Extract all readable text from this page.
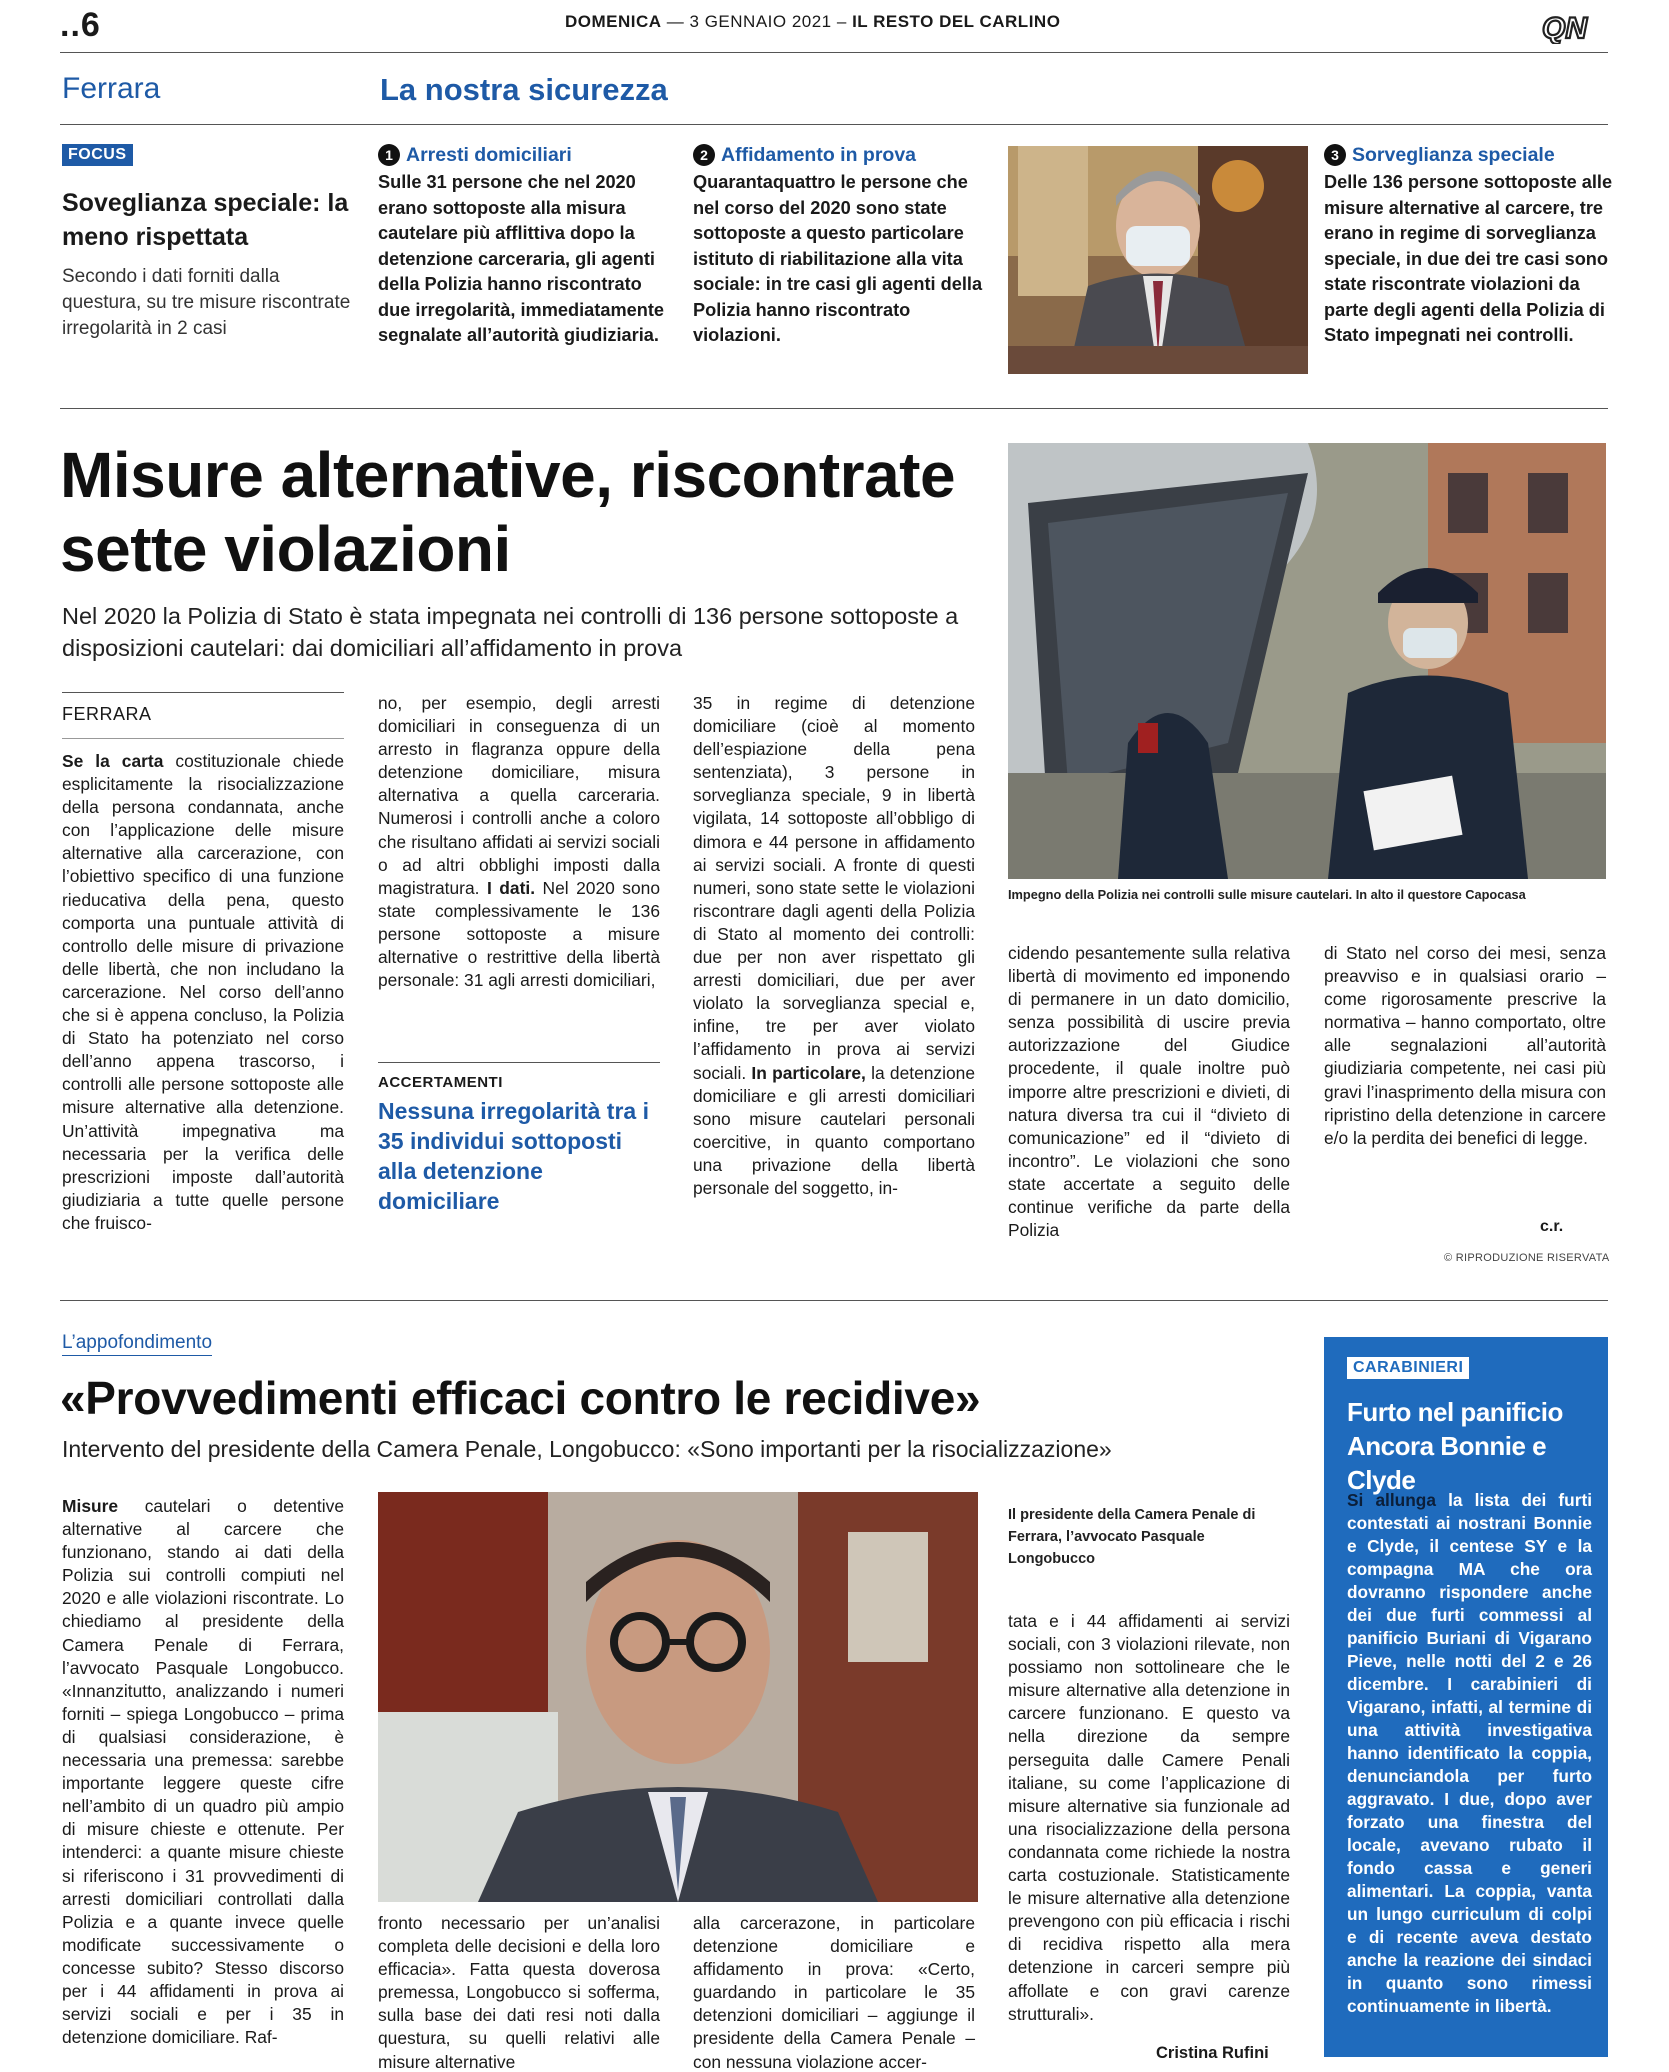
..6	DOMENICA — 3 GENNAIO 2021 – IL RESTO DEL CARLINO	QN
Ferrara	La nostra sicurezza
FOCUS
Soveglianza speciale: la meno rispettata
Secondo i dati forniti dalla questura, su tre misure riscontrate irregolarità in 2 casi
1 Arresti domiciliari
Sulle 31 persone che nel 2020 erano sottoposte alla misura cautelare più afflittiva dopo la detenzione carceraria, gli agenti della Polizia hanno riscontrato due irregolarità, immediatamente segnalate all’autorità giudiziaria.
2 Affidamento in prova
Quarantaquattro le persone che nel corso del 2020 sono state sottoposte a questo particolare istituto di riabilitazione alla vita sociale: in tre casi gli agenti della Polizia hanno riscontrato violazioni.
3 Sorveglianza speciale
Delle 136 persone sottoposte alle misure alternative al carcere, tre erano in regime di sorveglianza speciale, in due dei tre casi sono state riscontrate violazioni da parte degli agenti della Polizia di Stato impegnati nei controlli.
Misure alternative, riscontrate sette violazioni
Nel 2020 la Polizia di Stato è stata impegnata nei controlli di 136 persone sottoposte a disposizioni cautelari: dai domiciliari all’affidamento in prova
Impegno della Polizia nei controlli sulle misure cautelari. In alto il questore Capocasa
FERRARA
Se la carta costituzionale chiede esplicitamente la risocializzazione della persona condannata, anche con l’applicazione delle misure alternative alla carcerazione, con l’obiettivo specifico di una funzione rieducativa della pena, questo comporta una puntuale attività di controllo delle misure di privazione delle libertà, che non includano la carcerazione. Nel corso dell’anno che si è appena concluso, la Polizia di Stato ha potenziato nel corso dell’anno appena trascorso, i controlli alle persone sottoposte alle misure alternative alla detenzione. Un’attività impegnativa ma necessaria per la verifica delle prescrizioni imposte dall’autorità giudiziaria a tutte quelle persone che fruisco-
no, per esempio, degli arresti domiciliari in conseguenza di un arresto in flagranza oppure della detenzione domiciliare, misura alternativa a quella carceraria. Numerosi i controlli anche a coloro che risultano affidati ai servizi sociali o ad altri obblighi imposti dalla magistratura. I dati. Nel 2020 sono state complessivamente le 136 persone sottoposte a misure alternative o restrittive della libertà personale: 31 agli arresti domiciliari,
ACCERTAMENTI
Nessuna irregolarità tra i 35 individui sottoposti alla detenzione domiciliare
35 in regime di detenzione domiciliare (cioè al momento dell’espiazione della pena sentenziata), 3 persone in sorveglianza speciale, 9 in libertà vigilata, 14 sottoposte all’obbligo di dimora e 44 persone in affidamento ai servizi sociali. A fronte di questi numeri, sono state sette le violazioni riscontrare dagli agenti della Polizia di Stato al momento dei controlli: due per non aver rispettato gli arresti domiciliari, due per aver violato la sorveglianza special e, infine, tre per aver violato l’affidamento in prova ai servizi sociali. In particolare, la detenzione domiciliare e gli arresti domiciliari sono misure cautelari personali coercitive, in quanto comportano una privazione della libertà personale del soggetto, in-
cidendo pesantemente sulla relativa libertà di movimento ed imponendo di permanere in un dato domicilio, senza possibilità di uscire previa autorizzazione del Giudice procedente, il quale inoltre può imporre altre prescrizioni e divieti, di natura diversa tra cui il “divieto di comunicazione” ed il “divieto di incontro”. Le violazioni che sono state accertate a seguito delle continue verifiche da parte della Polizia
di Stato nel corso dei mesi, senza preavviso e in qualsiasi orario – come rigorosamente prescrive la normativa – hanno comportato, oltre alle segnalazioni all’autorità giudiziaria competente, nei casi più gravi l’inasprimento della misura con ripristino della detenzione in carcere e/o la perdita dei benefici di legge.
c.r.
© RIPRODUZIONE RISERVATA
L’appofondimento
«Provvedimenti efficaci contro le recidive»
Intervento del presidente della Camera Penale, Longobucco: «Sono importanti per la risocializzazione»
Misure cautelari o detentive alternative al carcere che funzionano, stando ai dati della Polizia sui controlli compiuti nel 2020 e alle violazioni riscontrate. Lo chiediamo al presidente della Camera Penale di Ferrara, l’avvocato Pasquale Longobucco. «Innanzitutto, analizzando i numeri forniti – spiega Longobucco – prima di qualsiasi considerazione, è necessaria una premessa: sarebbe importante leggere queste cifre nell’ambito di un quadro più ampio di misure chieste e ottenute. Per intenderci: a quante misure chieste si riferiscono i 31 provvedimenti di arresti domiciliari controllati dalla Polizia e a quante invece quelle modificate successivamente o concesse subito? Stesso discorso per i 44 affidamenti in prova ai servizi sociali e per i 35 in detenzione domiciliare. Raf-
Il presidente della Camera Penale di Ferrara, l’avvocato Pasquale Longobucco
fronto necessario per un’analisi completa delle decisioni e della loro efficacia». Fatta questa doverosa premessa, Longobucco si sofferma, sulla base dei dati resi noti dalla questura, su quelli relativi alle misure alternative
alla carcerazone, in particolare detenzione domiciliare e affidamento in prova: «Certo, guardando in particolare le 35 detenzioni domiciliari – aggiunge il presidente della Camera Penale – con nessuna violazione accer-
tata e i 44 affidamenti ai servizi sociali, con 3 violazioni rilevate, non possiamo non sottolineare che le misure alternative alla detenzione in carcere funzionano. E questo va nella direzione da sempre perseguita dalle Camere Penali italiane, su come l’applicazione di misure alternative sia funzionale ad una risocializzazione della persona condannata come richiede la nostra carta costuzionale. Statisticamente le misure alternative alla detenzione prevengono con più efficacia i rischi di recidiva rispetto alla mera detenzione in carceri sempre più affollate e con gravi carenze strutturali».
Cristina Rufini
CARABINIERI
Furto nel panificio Ancora Bonnie e Clyde
Si allunga la lista dei furti contestati ai nostrani Bonnie e Clyde, il centese SY e la compagna MA che ora dovranno rispondere anche dei due furti commessi al panificio Buriani di Vigarano Pieve, nelle notti del 2 e 26 dicembre. I carabinieri di Vigarano, infatti, al termine di una attività investigativa hanno identificato la coppia, denunciandola per furto aggravato. I due, dopo aver forzato una finestra del locale, avevano rubato il fondo cassa e generi alimentari. La coppia, vanta un lungo curriculum di colpi e di recente aveva destato anche la reazione dei sindaci in quanto sono rimessi continuamente in libertà.
